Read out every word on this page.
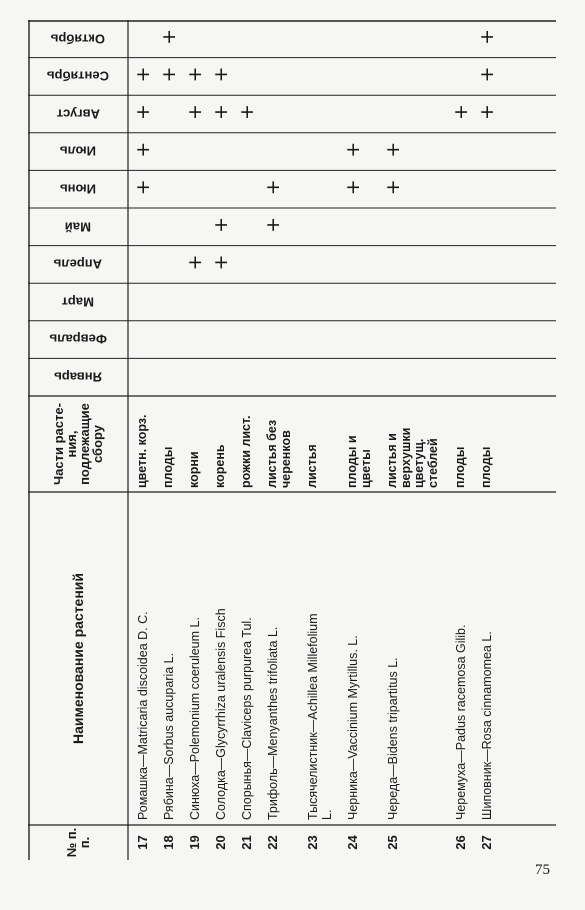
№ п. п.
Наименование растений
Части расте-
ния,
подлежащие
сбору
Январь
Февраль
Март
Апрель
Май
Июнь
Июль
Август
Сентябрь
Октябрь
17
Ромашка—Matricaria discoidea D. C.
цветн. корз.
18
Рябина—Sorbus aucuparia L.
плоды
19
Синюха—Polemonium coeruleum L.
корни
20
Солодка—Glycyrrhiza uralensis Fisch
корень
21
Спорынья—Claviceps purpurea Tul.
рожки лист.
22
Трифоль—Menyanthes trifoliata L.
листья без
черенков
23
Тысячелистник—Achillea Millefolium
L.
листья
24
Черника—Vaccinium Myrtillus. L.
плоды и
цветы
25
Череда—Bidens tripartitus L.
листья и
верхушки
цветущ.
стеблей
26
Черемуха—Padus racemosa Gilib.
плоды
27
Шиповник—Rosa cinnamomea L.
плоды
+
+
+
+ +
+
+
+
+
+
+
+
+
+
+
+	+
+
+
+
+ +
+
+
75
